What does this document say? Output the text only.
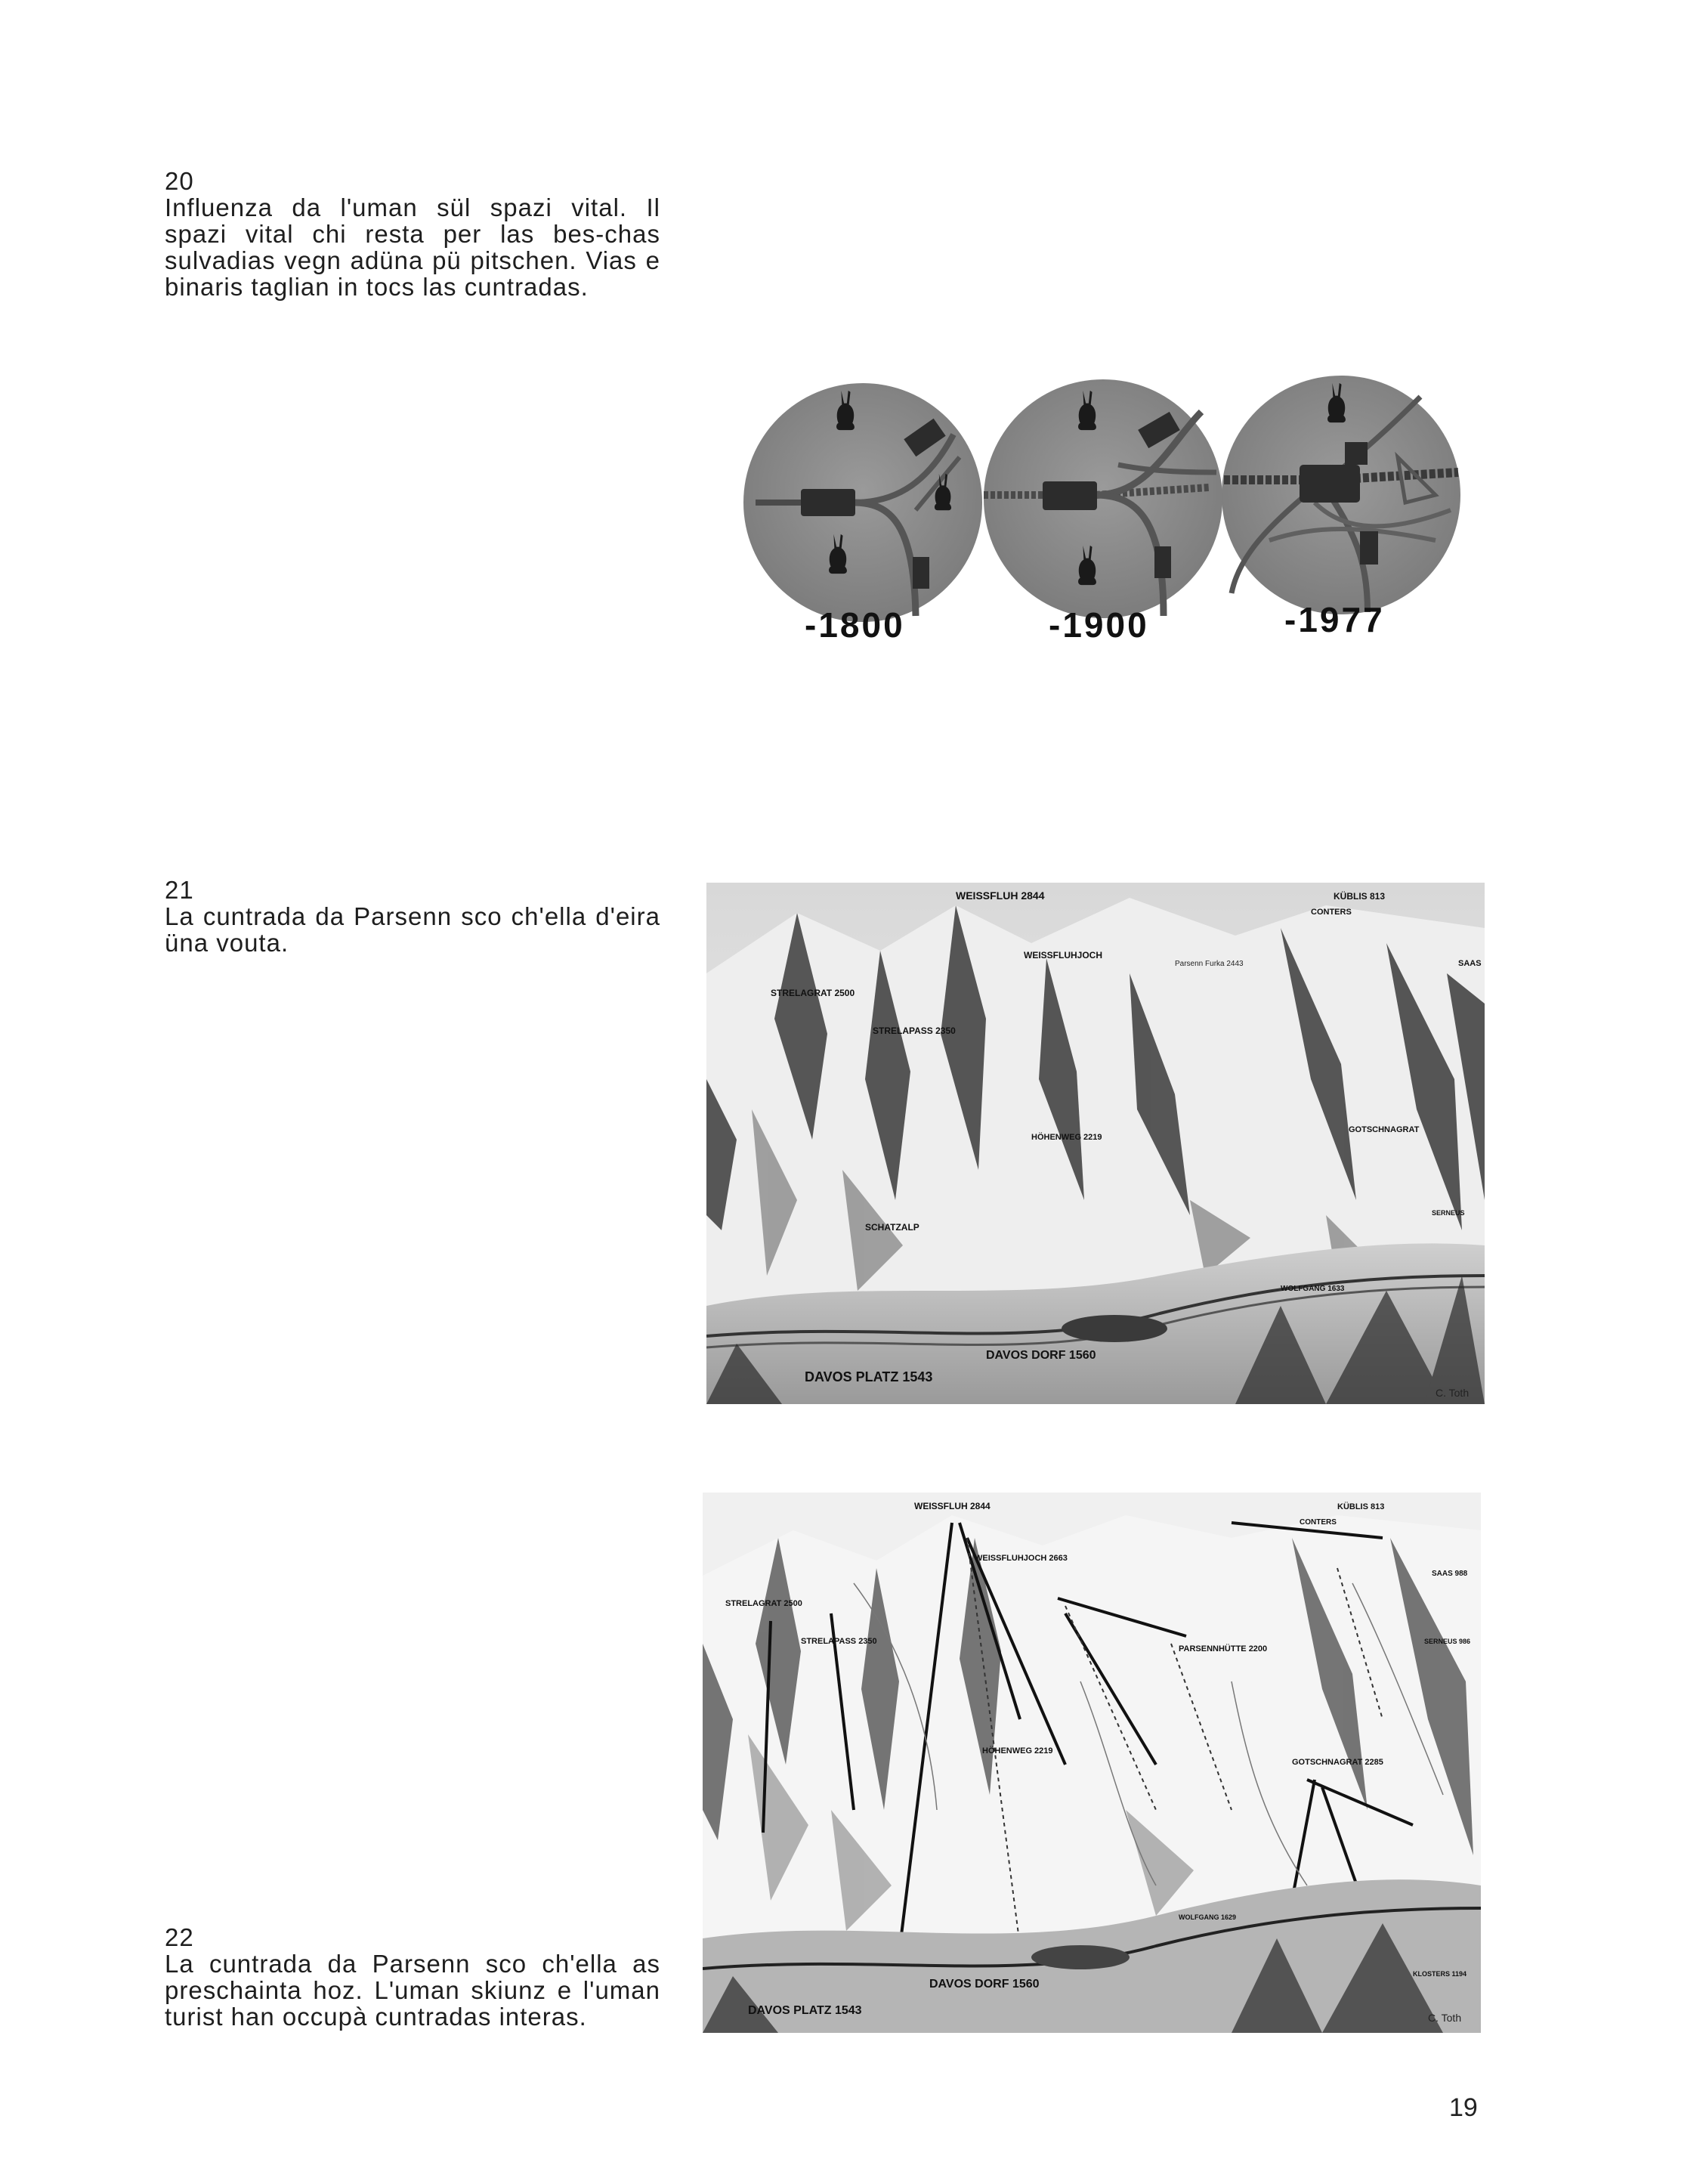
20
Influenza da l'uman sül spazi vital. Il spazi vital chi resta per las bes-chas sulvadias vegn adüna pü pitschen. Vias e binaris taglian in tocs las cuntradas.
-1800	-1900	-1977
21
La cuntrada da Parsenn sco ch'ella d'eira üna vouta.
WEISSFLUH 2844	KÜBLIS 813
CONTERS
WEISSFLUHJOCH
Parsenn Furka 2443
STRELAGRAT 2500
STRELAPASS 2350
HÖHENWEG 2219
GOTSCHNAGRAT
SCHATZALP
WOLFGANG 1633
SAAS
SERNEUS
DAVOS DORF 1560
DAVOS PLATZ 1543
C. Toth
WEISSFLUH 2844	KÜBLIS 813
CONTERS
WEISSFLUHJOCH 2663
STRELAGRAT 2500
STRELAPASS 2350
PARSENNHÜTTE 2200
HÖHENWEG 2219
GOTSCHNAGRAT 2285
WOLFGANG 1629
KLOSTERS 1194
SAAS 988
SERNEUS 986
DAVOS DORF 1560
DAVOS PLATZ 1543
C. Toth
22
La cuntrada da Parsenn sco ch'ella as preschainta hoz. L'uman skiunz e l'uman turist han occupà cuntradas interas.
19
